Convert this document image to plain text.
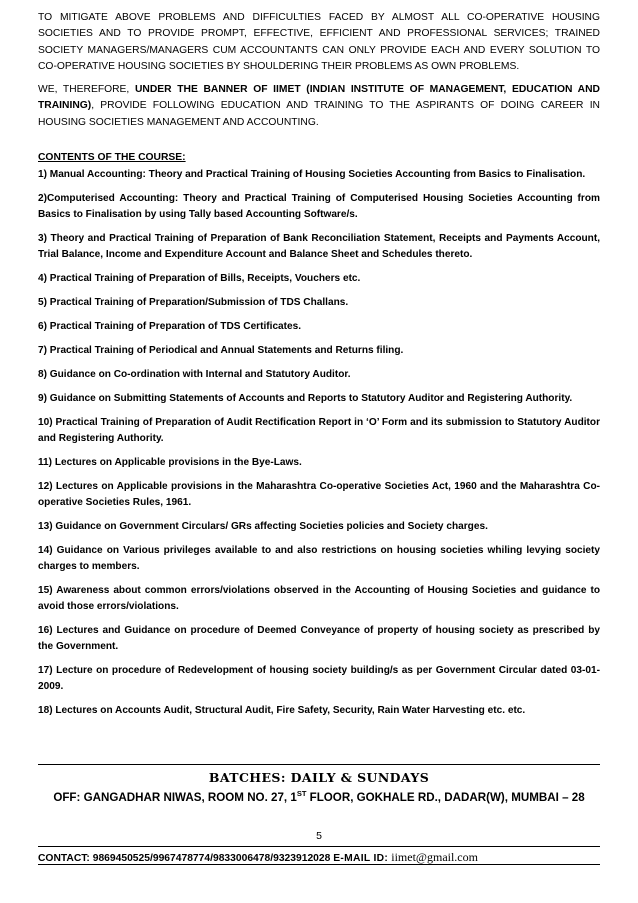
TO MITIGATE ABOVE PROBLEMS AND DIFFICULTIES FACED BY ALMOST ALL CO-OPERATIVE HOUSING SOCIETIES AND TO PROVIDE PROMPT, EFFECTIVE, EFFICIENT AND PROFESSIONAL SERVICES; TRAINED SOCIETY MANAGERS/MANAGERS CUM ACCOUNTANTS CAN ONLY PROVIDE EACH AND EVERY SOLUTION TO CO-OPERATIVE HOUSING SOCIETIES BY SHOULDERING THEIR PROBLEMS AS OWN PROBLEMS.

WE, THEREFORE, UNDER THE BANNER OF IIMET (INDIAN INSTITUTE OF MANAGEMENT, EDUCATION AND TRAINING), PROVIDE FOLLOWING EDUCATION AND TRAINING TO THE ASPIRANTS OF DOING CAREER IN HOUSING SOCIETIES MANAGEMENT AND ACCOUNTING.

CONTENTS OF THE COURSE:

1) Manual Accounting: Theory and Practical Training of Housing Societies Accounting from Basics to Finalisation.

2)Computerised Accounting: Theory and Practical Training of Computerised Housing Societies Accounting from Basics to Finalisation by using Tally based Accounting Software/s.

3) Theory and Practical Training of Preparation of Bank Reconciliation Statement, Receipts and Payments Account, Trial Balance, Income and Expenditure Account and Balance Sheet and Schedules thereto.

4) Practical Training of Preparation of Bills, Receipts, Vouchers etc.

5) Practical Training of Preparation/Submission of TDS Challans.

6) Practical Training of Preparation of TDS Certificates.

7) Practical Training of Periodical and Annual Statements and Returns filing.

8) Guidance on Co-ordination with Internal and Statutory Auditor.

9) Guidance on Submitting Statements of Accounts and Reports to Statutory Auditor and Registering Authority.

10) Practical Training of Preparation of Audit Rectification Report in ‘O’ Form and its submission to Statutory Auditor and Registering Authority.

11) Lectures on Applicable provisions in the Bye-Laws.

12) Lectures on Applicable provisions in the Maharashtra Co-operative Societies Act, 1960 and the Maharashtra Co-operative Societies Rules, 1961.

13) Guidance on Government Circulars/ GRs affecting Societies policies and Society charges.

14) Guidance on Various privileges available to and also restrictions on housing societies whiling levying society charges to members.

15) Awareness about common errors/violations observed in the Accounting of Housing Societies and guidance to avoid those errors/violations.

16) Lectures and Guidance on procedure of Deemed Conveyance of property of housing society as prescribed by the Government.

17) Lecture on procedure of Redevelopment of housing society building/s as per Government Circular dated 03-01-2009.

18) Lectures on Accounts Audit, Structural Audit, Fire Safety, Security, Rain Water Harvesting etc. etc.

BATCHES: DAILY & SUNDAYS
OFF: GANGADHAR NIWAS, ROOM NO. 27, 1ST FLOOR, GOKHALE RD., DADAR(W), MUMBAI – 28
5
CONTACT: 9869450525/9967478774/9833006478/9323912028 E-MAIL ID: iimet@gmail.com
